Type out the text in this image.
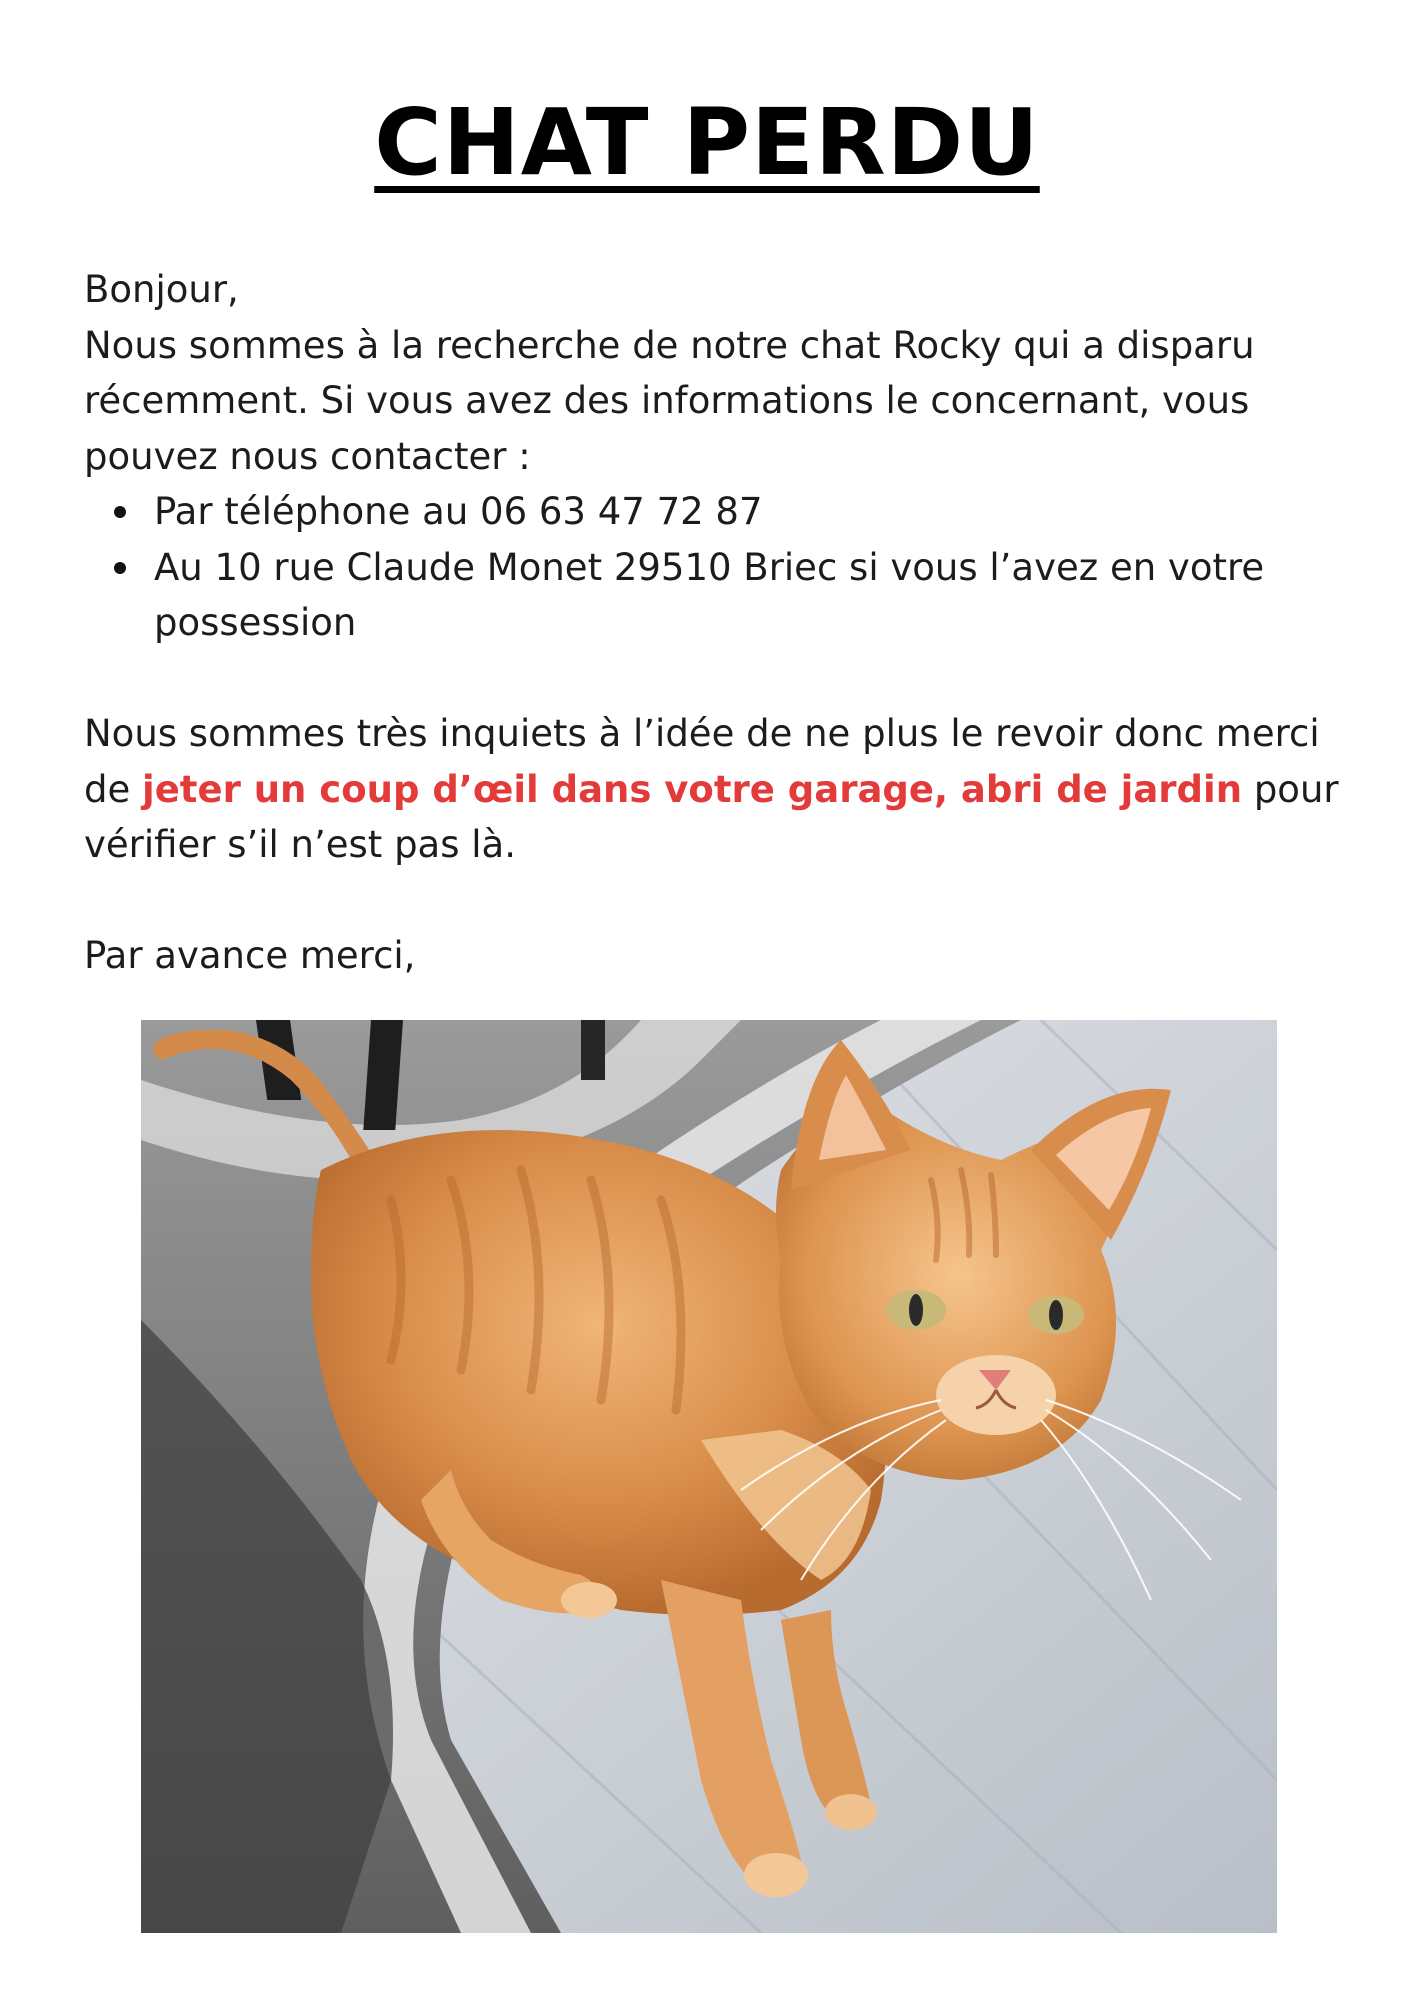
CHAT PERDU

Bonjour,

Nous sommes à la recherche de notre chat Rocky qui a disparu récemment. Si vous avez des informations le concernant, vous pouvez nous contacter :

Par téléphone au 06 63 47 72 87
Au 10 rue Claude Monet 29510 Briec si vous l’avez en votre possession

Nous sommes très inquiets à l’idée de ne plus le revoir donc merci de jeter un coup d’œil dans votre garage, abri de jardin pour vérifier s’il n’est pas là.

Par avance merci,
